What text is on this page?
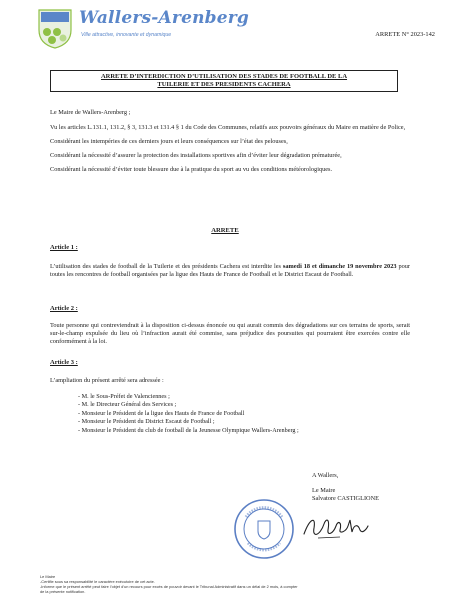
Wallers-Arenberg
Ville attractive, innovante et dynamique	ARRETE N° 2023-142
ARRETE D’INTERDICTION D’UTILISATION DES STADES DE FOOTBALL DE LA
TUILERIE ET DES PRESIDENTS CACHERA

Le Maire de Wallers-Arenberg ;

Vu les articles L.131.1, 131.2, § 3, 131.3 et 131.4 § 1 du Code des Communes, relatifs aux pouvoirs généraux du Maire en matière de Police,

Considérant les intempéries de ces derniers jours et leurs conséquences sur l’état des pelouses,

Considérant la nécessité d’assurer la protection des installations sportives afin d’éviter leur dégradation prématurée,

Considérant la nécessité d’éviter toute blessure due à la pratique du sport au vu des conditions météorologiques.

ARRETE
Article 1 :
L’utilisation des stades de football de la Tuilerie et des présidents Cachera est interdite les samedi 18 et dimanche 19 novembre 2023 pour toutes les rencontres de football organisées par la ligue des Hauts de France de Football et le District Escaut de Football.
Article 2 :
Toute personne qui contreviendrait à la disposition ci-dessus énoncée ou qui aurait commis des dégradations sur ces terrains de sports, serait sur-le-champ expulsée du lieu où l’infraction aurait été commise, sans préjudice des poursuites qui pourraient être exercées contre elle conformément à la loi.
Article 3 :
L’ampliation du présent arrêté sera adressée :
- M. le Sous-Préfet de Valenciennes ;
- M. le Directeur Général des Services ;
- Monsieur le Président de la ligue des Hauts de France de Football
- Monsieur le Président du District Escaut de Football ;
- Monsieur le Président du club de football de la Jeunesse Olympique Wallers-Arenberg ;
A Wallers,
Le Maire
Salvatore CASTIGLIONE
Le Maire
-Certifie sous sa responsabilité le caractère exécutoire de cet acte.
-Informe que le présent arrêté peut faire l’objet d’un recours pour excès de pouvoir devant le Tribunal Administratif dans un délai de 2 mois, à compter
de la présente notification.
